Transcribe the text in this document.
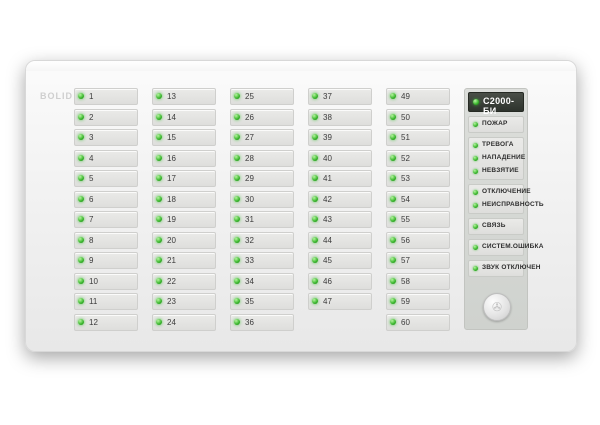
BOLID	1
2
3
4
5
6
7
8
9
10
11
12
13
14
15
16
17
18
19
20
21
22
23
24
25
26
27
28
29
30
31
32
33
34
35
36
37
38
39
40
41
42
43
44
45
46
47
49
50
51
52
53
54
55
56
57
58
59
60
С2000-БИ
ПОЖАР
ТРЕВОГА
НАПАДЕНИЕ
НЕВЗЯТИЕ
ОТКЛЮЧЕНИЕ
НЕИСПРАВНОСТЬ
СВЯЗЬ
СИСТЕМ.ОШИБКА
ЗВУК ОТКЛЮЧЕН
✇
